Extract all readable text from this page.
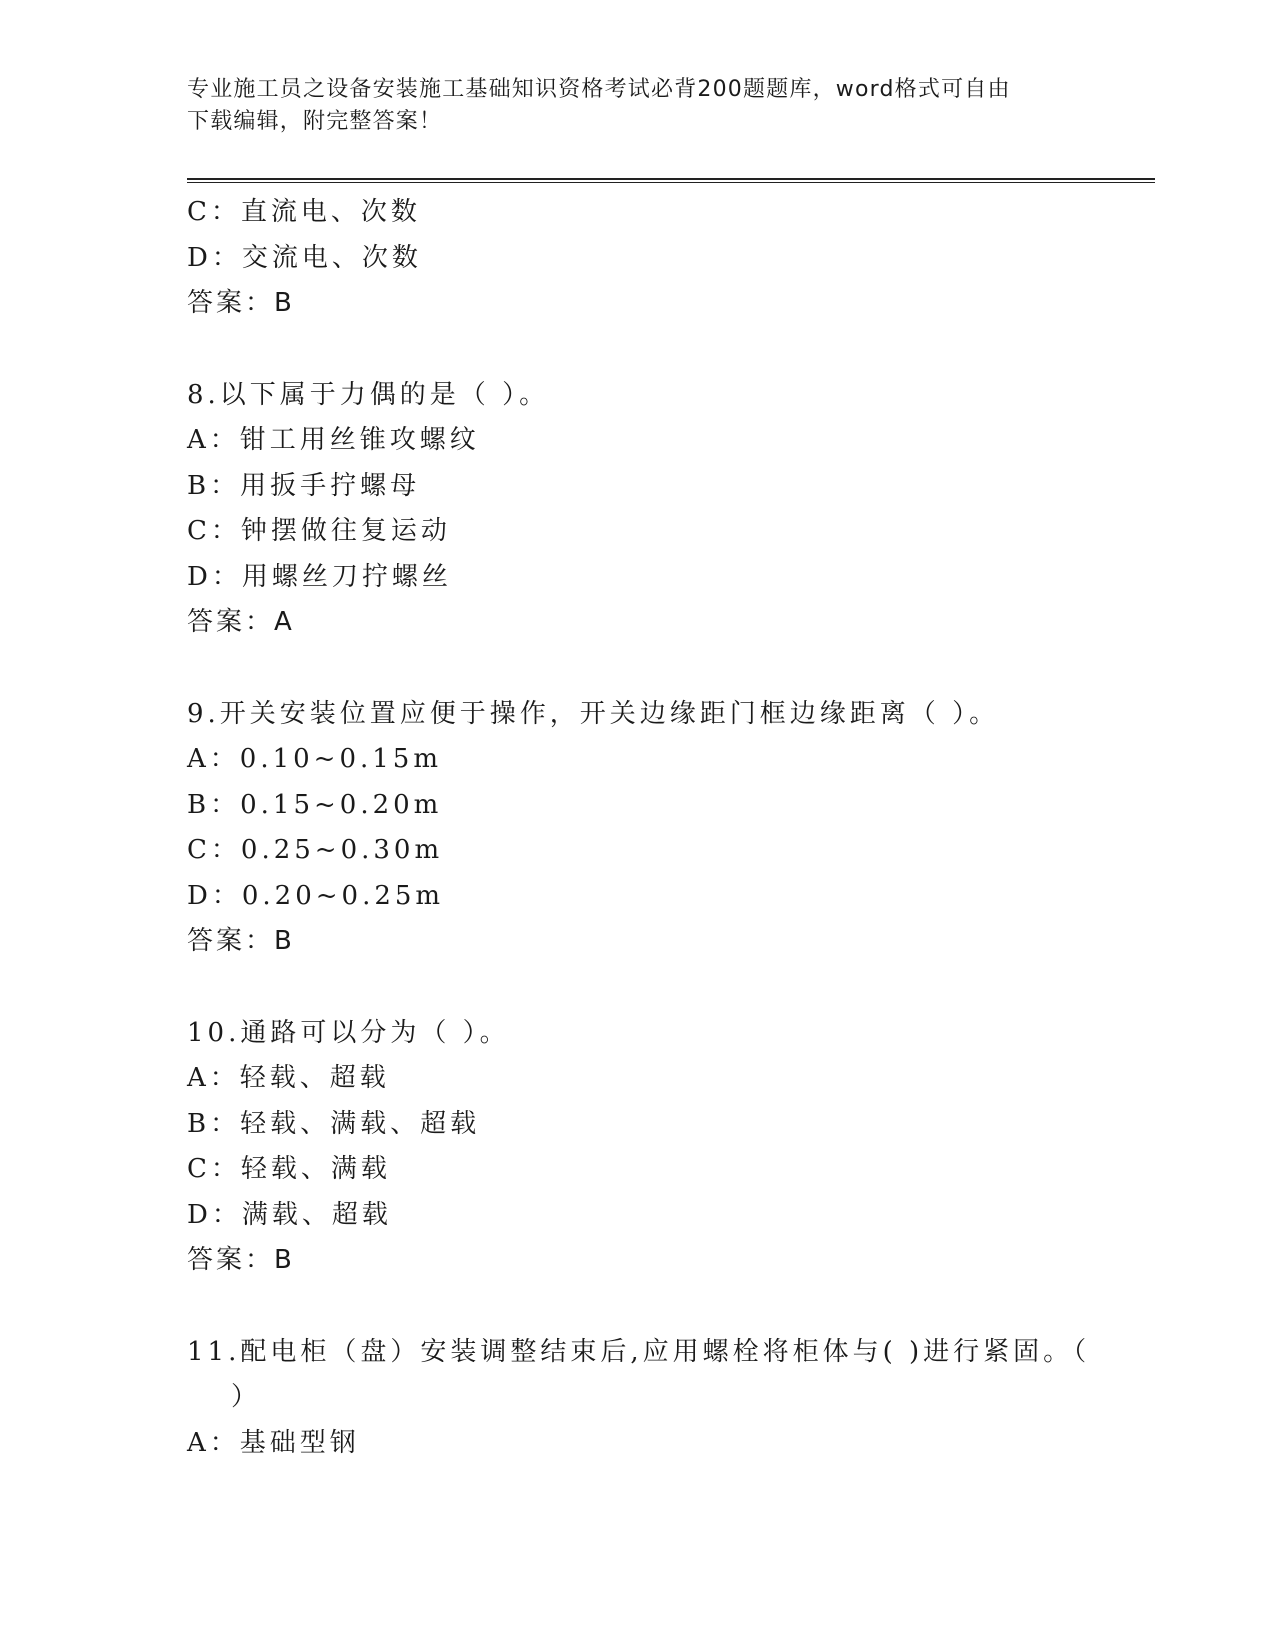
专业施工员之设备安装施工基础知识资格考试必背200题题库，word格式可自由
下载编辑，附完整答案！
C：直流电、次数
D：交流电、次数
答案：B
8.以下属于力偶的是（ ）。
A：钳工用丝锥攻螺纹
B：用扳手拧螺母
C：钟摆做往复运动
D：用螺丝刀拧螺丝
答案：A
9.开关安装位置应便于操作，开关边缘距门框边缘距离（ ）。
A：0.10~0.15m
B：0.15~0.20m
C：0.25~0.30m
D：0.20~0.25m
答案：B
10.通路可以分为（ ）。
A：轻载、超载
B：轻载、满载、超载
C：轻载、满载
D：满载、超载
答案：B
11.配电柜（盘）安装调整结束后,应用螺栓将柜体与( )进行紧固。（
）
A：基础型钢
